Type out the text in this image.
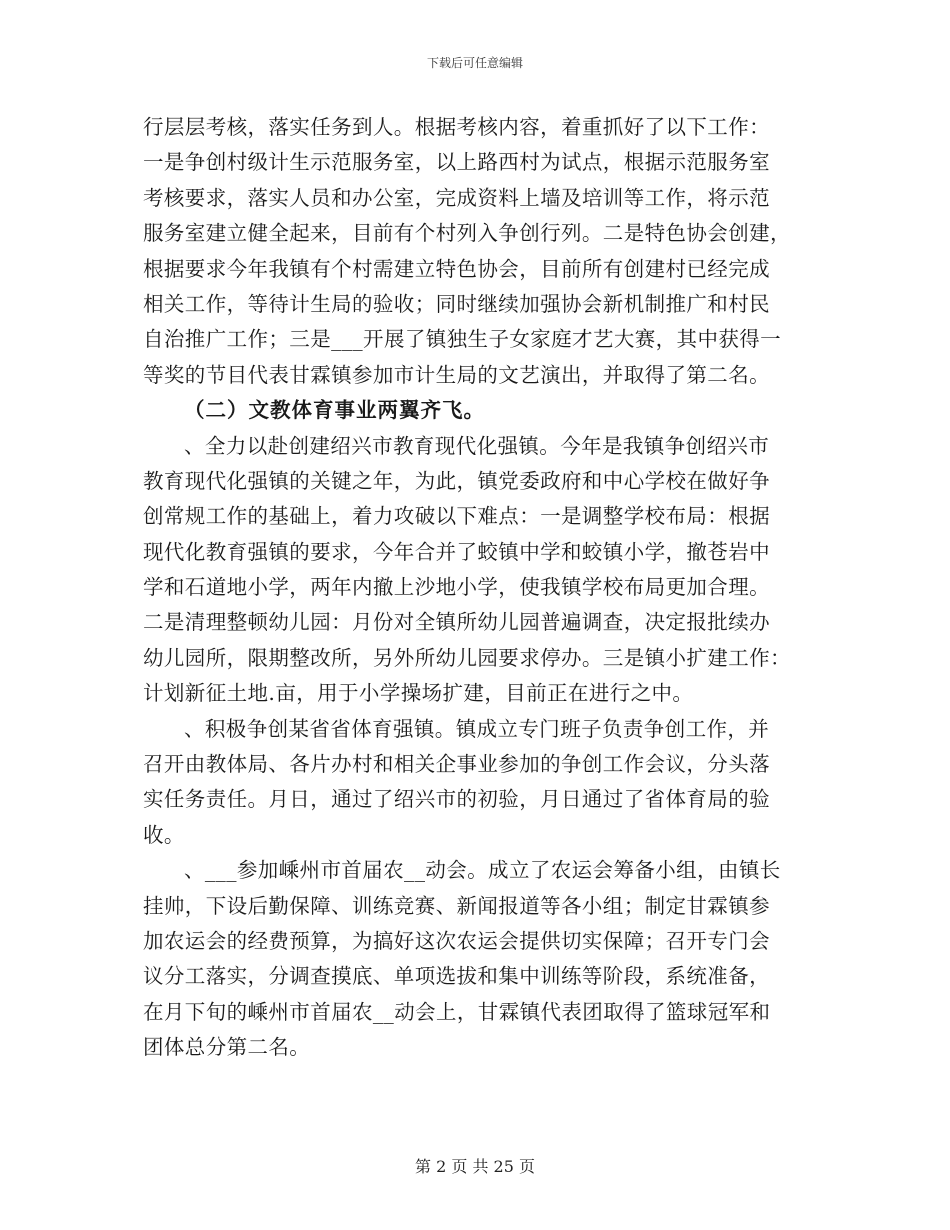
下载后可任意编辑
行层层考核，落实任务到人。根据考核内容，着重抓好了以下工作：
一是争创村级计生示范服务室，以上路西村为试点，根据示范服务室
考核要求，落实人员和办公室，完成资料上墙及培训等工作，将示范
服务室建立健全起来，目前有个村列入争创行列。二是特色协会创建，
根据要求今年我镇有个村需建立特色协会，目前所有创建村已经完成
相关工作，等待计生局的验收；同时继续加强协会新机制推广和村民
自治推广工作；三是___开展了镇独生子女家庭才艺大赛，其中获得一
等奖的节目代表甘霖镇参加市计生局的文艺演出，并取得了第二名。
（二）文教体育事业两翼齐飞。
、全力以赴创建绍兴市教育现代化强镇。今年是我镇争创绍兴市
教育现代化强镇的关键之年，为此，镇党委政府和中心学校在做好争
创常规工作的基础上，着力攻破以下难点：一是调整学校布局：根据
现代化教育强镇的要求，今年合并了蛟镇中学和蛟镇小学，撤苍岩中
学和石道地小学，两年内撤上沙地小学，使我镇学校布局更加合理。
二是清理整顿幼儿园：月份对全镇所幼儿园普遍调查，决定报批续办
幼儿园所，限期整改所，另外所幼儿园要求停办。三是镇小扩建工作：
计划新征土地.亩，用于小学操场扩建，目前正在进行之中。
、积极争创某省省体育强镇。镇成立专门班子负责争创工作，并
召开由教体局、各片办村和相关企事业参加的争创工作会议，分头落
实任务责任。月日，通过了绍兴市的初验，月日通过了省体育局的验
收。
、___参加嵊州市首届农__动会。成立了农运会筹备小组，由镇长
挂帅，下设后勤保障、训练竞赛、新闻报道等各小组；制定甘霖镇参
加农运会的经费预算，为搞好这次农运会提供切实保障；召开专门会
议分工落实，分调查摸底、单项选拔和集中训练等阶段，系统准备，
在月下旬的嵊州市首届农__动会上，甘霖镇代表团取得了篮球冠军和
团体总分第二名。
第 2 页 共 25 页
